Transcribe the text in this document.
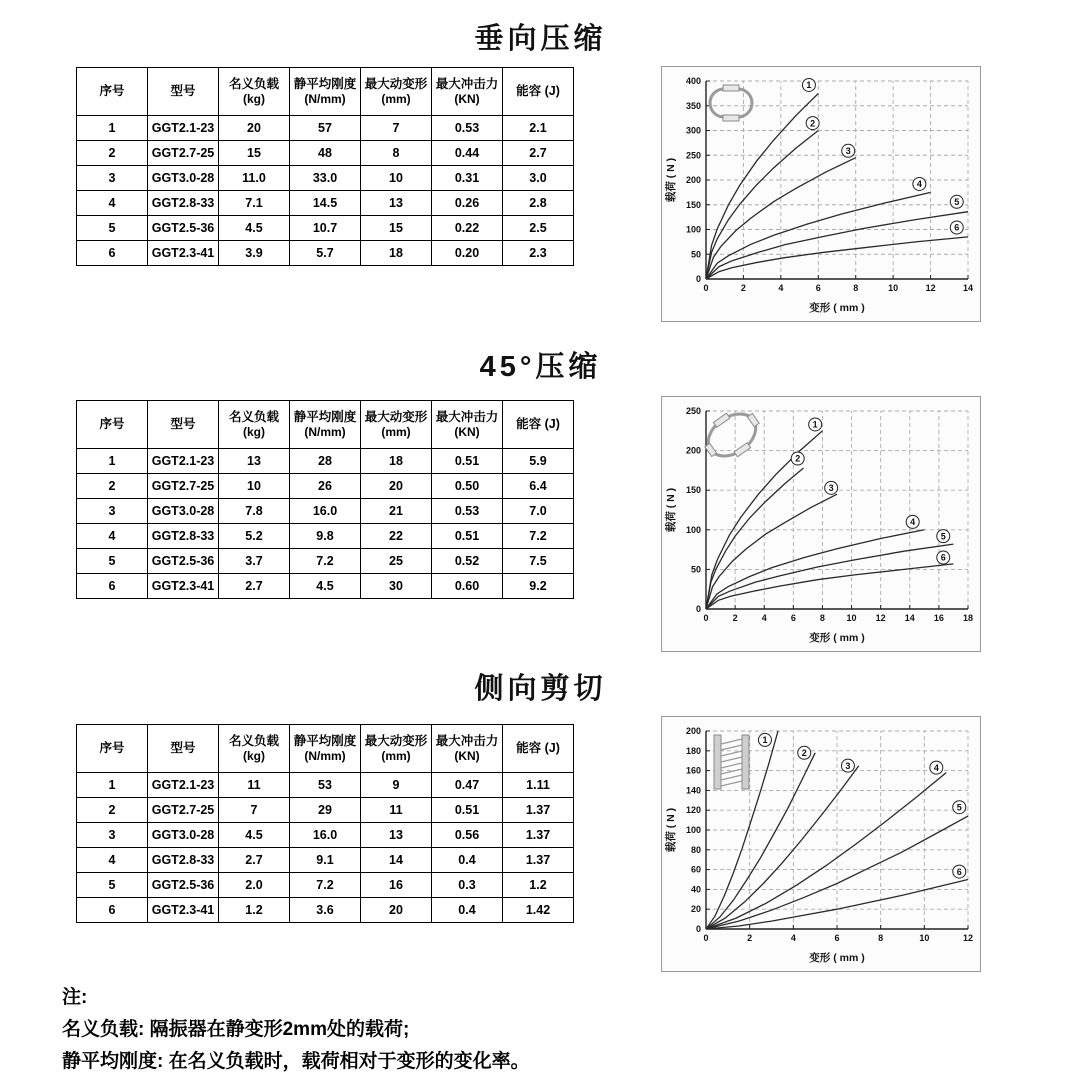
垂向压缩
序号	型号

名义负载
(kg)

静平均刚度
(N/mm)

最大动变形
(mm)

最大冲击力
(KN)

能容 (J)

1	GGT2.1-23	20	57	7	0.53	2.1
2	GGT2.7-25	15	48	8	0.44	2.7
3	GGT3.0-28	11.0	33.0	10	0.31	3.0
4	GGT2.8-33	7.1	14.5	13	0.26	2.8
5	GGT2.5-36	4.5	10.7	15	0.22	2.5
6	GGT2.3-41	3.9	5.7	18	0.20	2.3
0	2	4	6	8	10	12	14
0
50
100
150
200
250
300
350
400	1
2
3
4
5
6
变形 ( mm )
载荷 ( N )
45°压缩
序号	型号

名义负载
(kg)

静平均刚度
(N/mm)

最大动变形
(mm)

最大冲击力
(KN)

能容 (J)

1	GGT2.1-23	13	28	18	0.51	5.9
2	GGT2.7-25	10	26	20	0.50	6.4
3	GGT3.0-28	7.8	16.0	21	0.53	7.0
4	GGT2.8-33	5.2	9.8	22	0.51	7.2
5	GGT2.5-36	3.7	7.2	25	0.52	7.5
6	GGT2.3-41	2.7	4.5	30	0.60	9.2
0	2	4	6	8 10 12 14 16 18
0
50
100
150
200
250
1
2
3
4
5
6
变形 ( mm )
载荷 ( N )
侧向剪切
序号	型号

名义负载
(kg)

静平均刚度
(N/mm)

最大动变形
(mm)

最大冲击力
(KN)

能容 (J)

1	GGT2.1-23	11	53	9	0.47	1.11
2	GGT2.7-25	7	29	11	0.51	1.37
3	GGT3.0-28	4.5	16.0	13	0.56	1.37
4	GGT2.8-33	2.7	9.1	14	0.4	1.37
5	GGT2.5-36	2.0	7.2	16	0.3	1.2
6	GGT2.3-41	1.2	3.6	20	0.4	1.42
0	2	4	6	8	10	12
0
20
40
60
80
100
120
140
160
180
200
1
2
3	4
5
6
变形 ( mm )
载荷 ( N )
注:
名义负载: 隔振器在静变形2mm处的载荷;
静平均刚度: 在名义负载时，载荷相对于变形的变化率。
